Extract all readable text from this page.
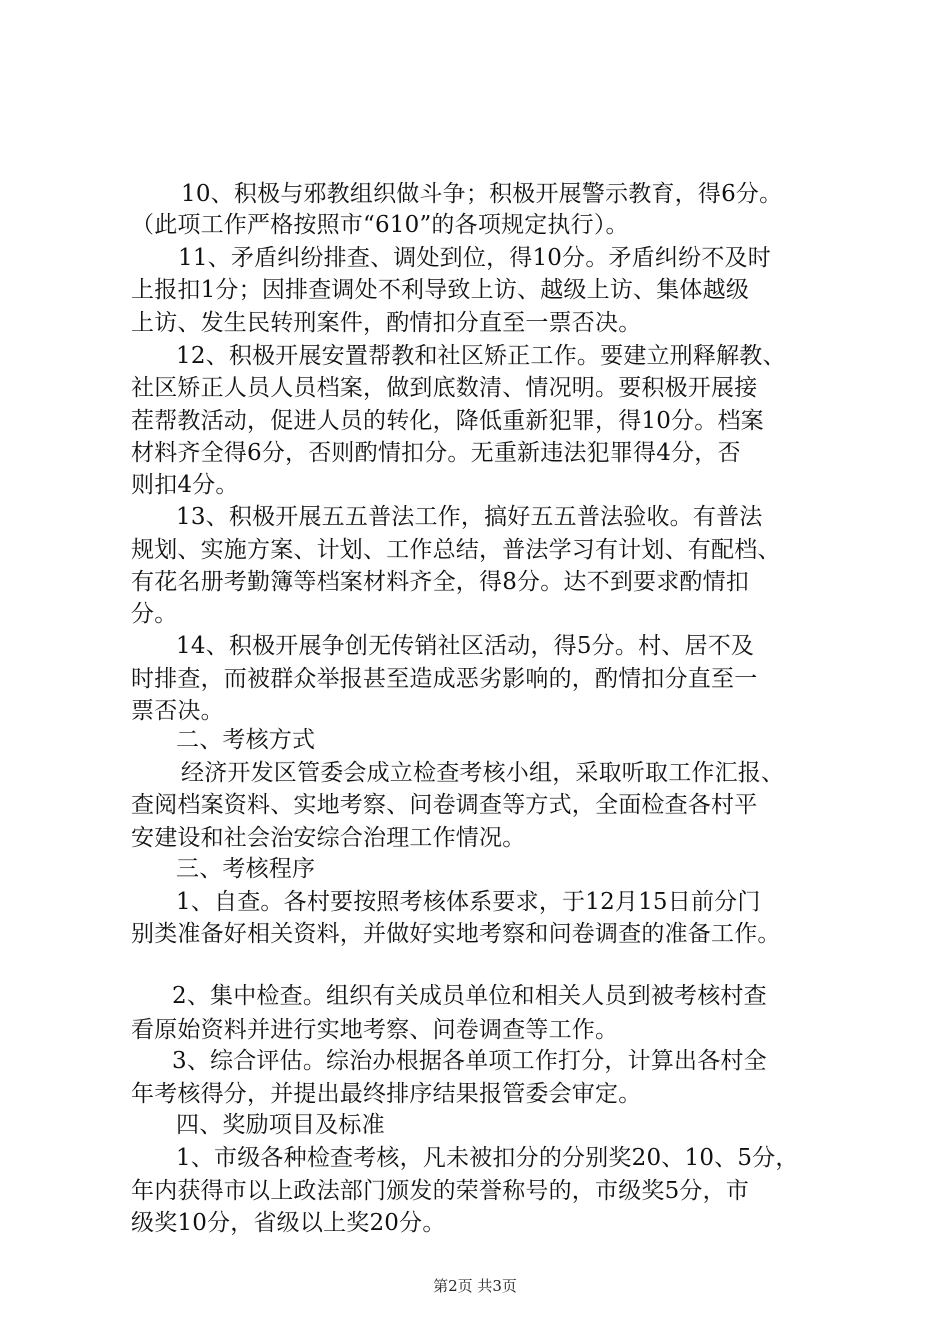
10、积极与邪教组织做斗争；积极开展警示教育，得6分。
（此项工作严格按照市“610”的各项规定执行）。
11、矛盾纠纷排查、调处到位，得10分。矛盾纠纷不及时
上报扣1分；因排查调处不利导致上访、越级上访、集体越级
上访、发生民转刑案件，酌情扣分直至一票否决。
12、积极开展安置帮教和社区矫正工作。要建立刑释解教、
社区矫正人员人员档案，做到底数清、情况明。要积极开展接
茬帮教活动，促进人员的转化，降低重新犯罪，得10分。档案
材料齐全得6分，否则酌情扣分。无重新违法犯罪得4分，否
则扣4分。
13、积极开展五五普法工作，搞好五五普法验收。有普法
规划、实施方案、计划、工作总结，普法学习有计划、有配档、
有花名册考勤簿等档案材料齐全，得8分。达不到要求酌情扣
分。
14、积极开展争创无传销社区活动，得5分。村、居不及
时排查，而被群众举报甚至造成恶劣影响的，酌情扣分直至一
票否决。
二、考核方式
经济开发区管委会成立检查考核小组，采取听取工作汇报、
查阅档案资料、实地考察、问卷调查等方式，全面检查各村平
安建设和社会治安综合治理工作情况。
三、考核程序
1、自查。各村要按照考核体系要求，于12月15日前分门
别类准备好相关资料，并做好实地考察和问卷调查的准备工作。
2、集中检查。组织有关成员单位和相关人员到被考核村查
看原始资料并进行实地考察、问卷调查等工作。
3、综合评估。综治办根据各单项工作打分，计算出各村全
年考核得分，并提出最终排序结果报管委会审定。
四、奖励项目及标准
1、市级各种检查考核，凡未被扣分的分别奖20、10、5分，
年内获得市以上政法部门颁发的荣誉称号的，市级奖5分，市
级奖10分，省级以上奖20分。
第2页 共3页
